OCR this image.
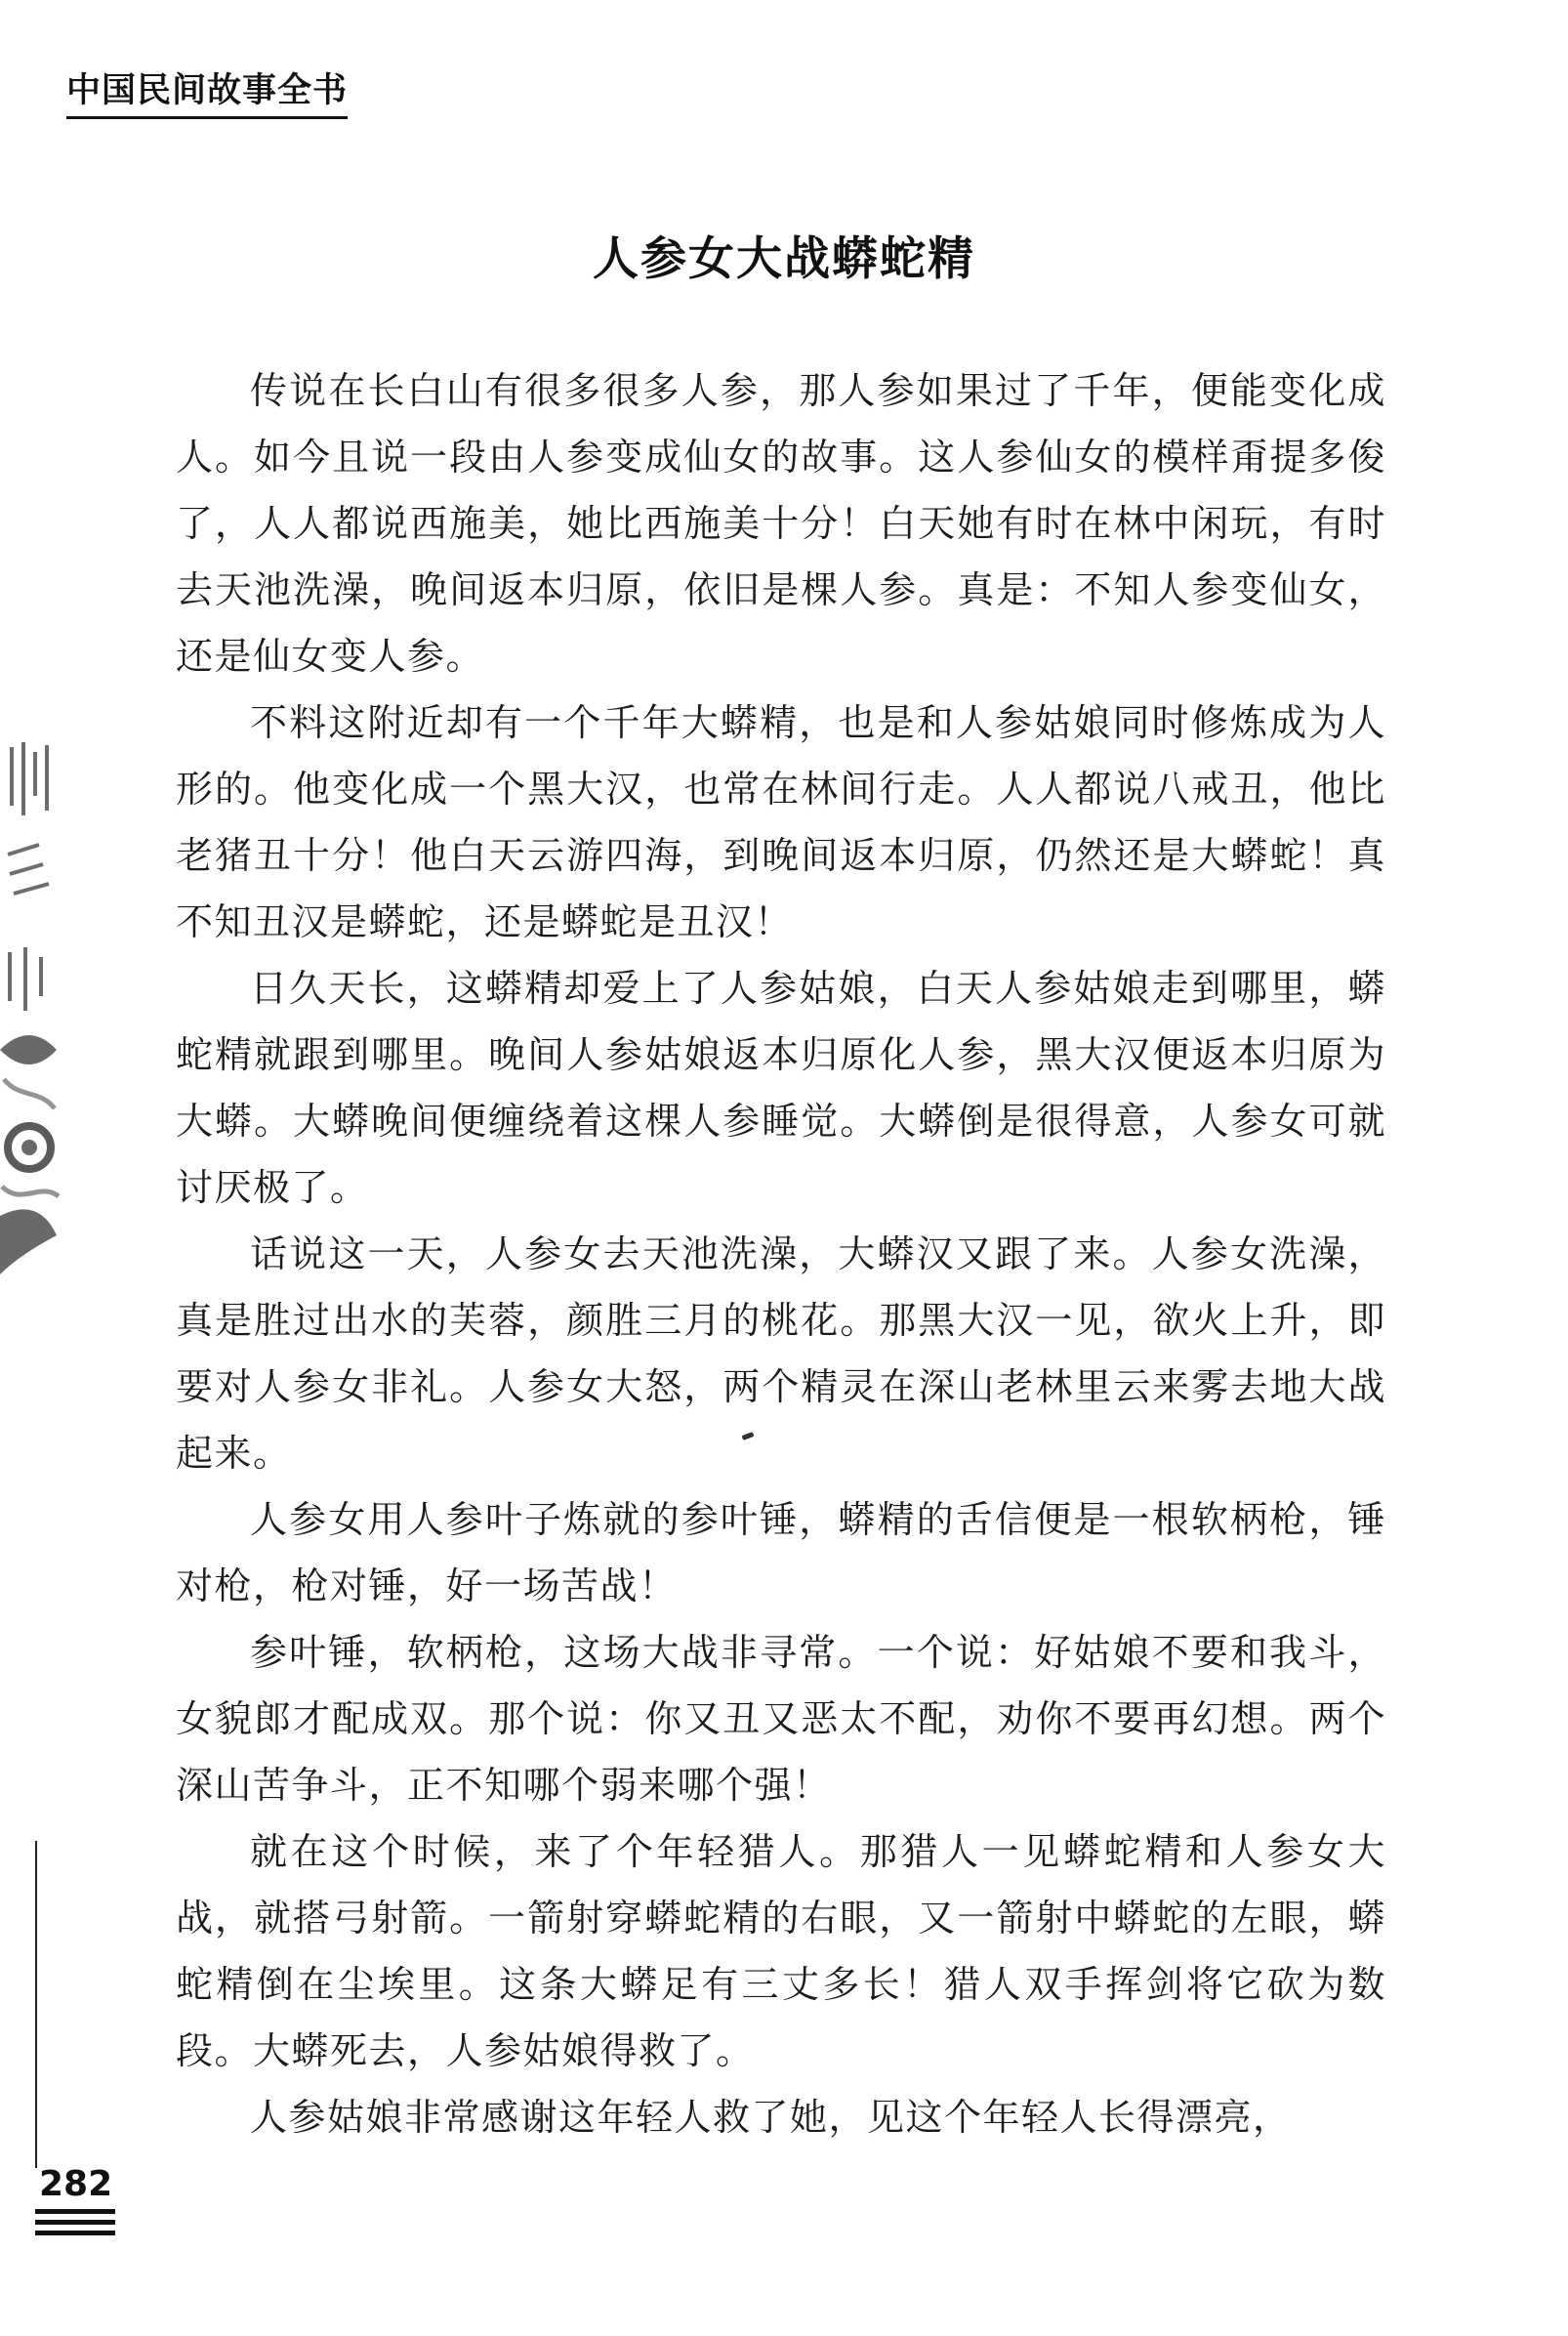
中国民间故事全书
人参女大战蟒蛇精

传说在长白山有很多很多人参，那人参如果过了千年，便能变化成人。如今且说一段由人参变成仙女的故事。这人参仙女的模样甭提多俊了，人人都说西施美，她比西施美十分！白天她有时在林中闲玩，有时去天池洗澡，晚间返本归原，依旧是棵人参。真是：不知人参变仙女，还是仙女变人参。

不料这附近却有一个千年大蟒精，也是和人参姑娘同时修炼成为人形的。他变化成一个黑大汉，也常在林间行走。人人都说八戒丑，他比老猪丑十分！他白天云游四海，到晚间返本归原，仍然还是大蟒蛇！真不知丑汉是蟒蛇，还是蟒蛇是丑汉！

日久天长，这蟒精却爱上了人参姑娘，白天人参姑娘走到哪里，蟒蛇精就跟到哪里。晚间人参姑娘返本归原化人参，黑大汉便返本归原为大蟒。大蟒晚间便缠绕着这棵人参睡觉。大蟒倒是很得意，人参女可就讨厌极了。

话说这一天，人参女去天池洗澡，大蟒汉又跟了来。人参女洗澡，真是胜过出水的芙蓉，颜胜三月的桃花。那黑大汉一见，欲火上升，即要对人参女非礼。人参女大怒，两个精灵在深山老林里云来雾去地大战起来。

人参女用人参叶子炼就的参叶锤，蟒精的舌信便是一根软柄枪，锤对枪，枪对锤，好一场苦战！

参叶锤，软柄枪，这场大战非寻常。一个说：好姑娘不要和我斗，女貌郎才配成双。那个说：你又丑又恶太不配，劝你不要再幻想。两个深山苦争斗，正不知哪个弱来哪个强！

就在这个时候，来了个年轻猎人。那猎人一见蟒蛇精和人参女大战，就搭弓射箭。一箭射穿蟒蛇精的右眼，又一箭射中蟒蛇的左眼，蟒蛇精倒在尘埃里。这条大蟒足有三丈多长！猎人双手挥剑将它砍为数段。大蟒死去，人参姑娘得救了。

人参姑娘非常感谢这年轻人救了她，见这个年轻人长得漂亮，

282
